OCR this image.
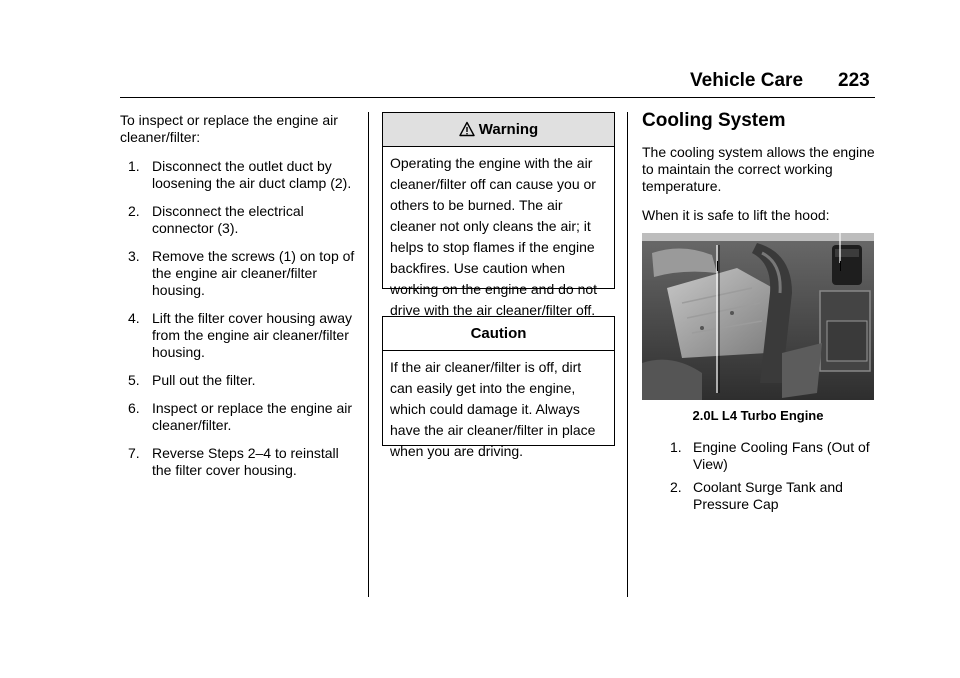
Vehicle Care 223

To inspect or replace the engine air cleaner/filter:

1. Disconnect the outlet duct by loosening the air duct clamp (2).
2. Disconnect the electrical connector (3).
3. Remove the screws (1) on top of the engine air cleaner/filter housing.
4. Lift the filter cover housing away from the engine air cleaner/filter housing.
5. Pull out the filter.
6. Inspect or replace the engine air cleaner/filter.
7. Reverse Steps 2–4 to reinstall the filter cover housing.
Warning
Operating the engine with the air cleaner/filter off can cause you or others to be burned. The air cleaner not only cleans the air; it helps to stop flames if the engine backfires. Use caution when working on the engine and do not drive with the air cleaner/filter off.
Caution
If the air cleaner/filter is off, dirt can easily get into the engine, which could damage it. Always have the air cleaner/filter in place when you are driving.
Cooling System

The cooling system allows the engine to maintain the correct working temperature.

When it is safe to lift the hood:

2.0L L4 Turbo Engine
1. Engine Cooling Fans (Out of View)
2. Coolant Surge Tank and Pressure Cap
